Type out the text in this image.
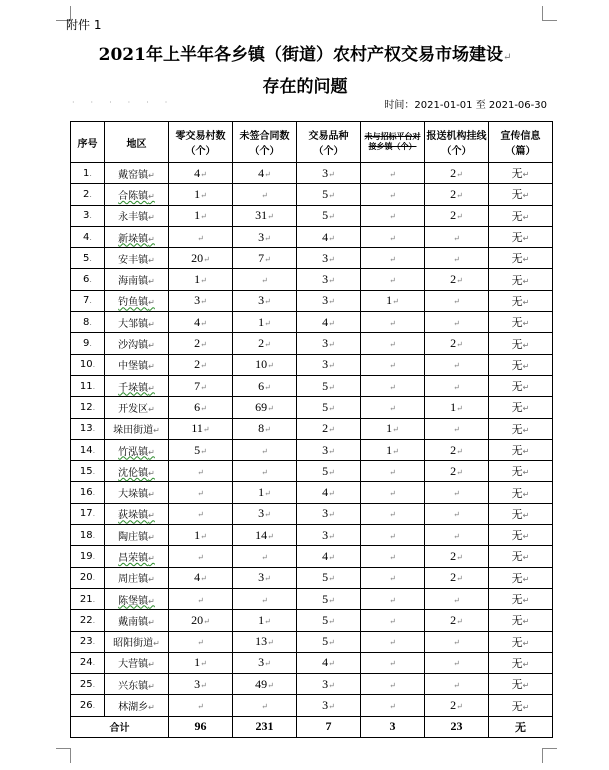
附件 1
2021年上半年各乡镇（街道）农村产权交易市场建设↵
存在的问题
······	时间：2021-01-01 至 2021-06-30
序号	地区	零交易村数（个）	未签合同数（个）	交易品种（个）	未与招标平台对接乡镇（个）	报送机构挂线（个）	宣传信息（篇）
1.	戴窑镇↵	4↵	4↵	3↵	↵	2↵	无↵
2.	合陈镇↵	1↵	↵	5↵	↵	2↵	无↵
3.	永丰镇↵	1↵	31↵	5↵	↵	2↵	无↵
4.	新垛镇↵	↵	3↵	4↵	↵	↵	无↵
5.	安丰镇↵	20↵	7↵	3↵	↵	↵	无↵
6.	海南镇↵	1↵	↵	3↵	↵	2↵	无↵
7.	钓鱼镇↵	3↵	3↵	3↵	1↵	↵	无↵
8.	大邹镇↵	4↵	1↵	4↵	↵	↵	无↵
9.	沙沟镇↵	2↵	2↵	3↵	↵	2↵	无↵
10.	中堡镇↵	2↵	10↵	3↵	↵	↵	无↵
11.	千垛镇↵	7↵	6↵	5↵	↵	↵	无↵
12.	开发区↵	6↵	69↵	5↵	↵	1↵	无↵
13.	垛田街道↵	11↵	8↵	2↵	1↵	↵	无↵
14.	竹泓镇↵	5↵	↵	3↵	1↵	2↵	无↵
15.	沈伦镇↵	↵	↵	5↵	↵	2↵	无↵
16.	大垛镇↵	↵	1↵	4↵	↵	↵	无↵
17.	荻垛镇↵	↵	3↵	3↵	↵	↵	无↵
18.	陶庄镇↵	1↵	14↵	3↵	↵	↵	无↵
19.	昌荣镇↵	↵	↵	4↵	↵	2↵	无↵
20.	周庄镇↵	4↵	3↵	5↵	↵	2↵	无↵
21.	陈堡镇↵	↵	↵	5↵	↵	↵	无↵
22.	戴南镇↵	20↵	1↵	5↵	↵	2↵	无↵
23.	昭阳街道↵	↵	13↵	5↵	↵	↵	无↵
24.	大营镇↵	1↵	3↵	4↵	↵	↵	无↵
25.	兴东镇↵	3↵	49↵	3↵	↵	↵	无↵
26.	林湖乡↵	↵	↵	3↵	↵	2↵	无↵
合计		96	231	7	3	23	无
